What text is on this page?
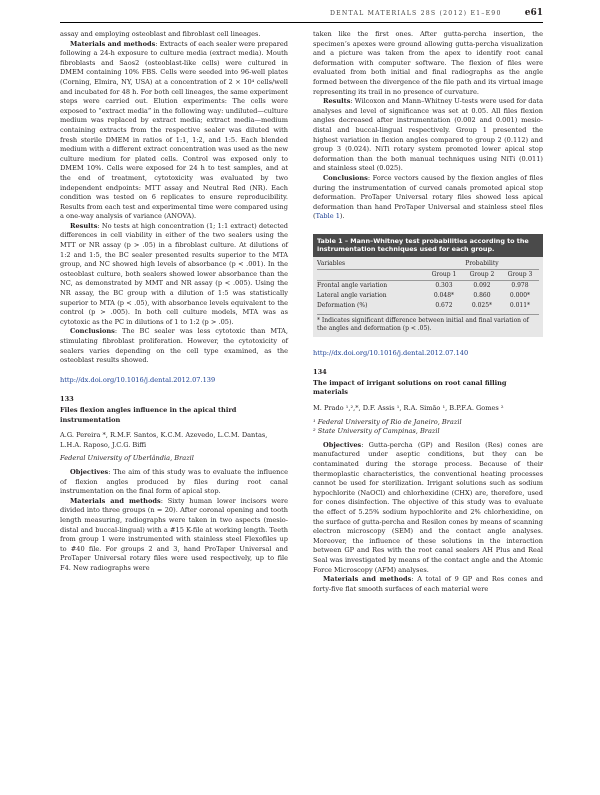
DENTAL MATERIALS 28S (2012) E1–E90	e61

assay and employing osteoblast and fibroblast cell lineages.

Materials and methods: Extracts of each sealer were prepared following a 24-h exposure to culture media (extract media). Mouth fibroblasts and Saos2 (osteoblast-like cells) were cultured in DMEM containing 10% FBS. Cells were seeded into 96-well plates (Corning, Elmira, NY, USA) at a concentration of 2 × 10⁴ cells/well and incubated for 48 h. For both cell lineages, the same experiment steps were carried out. Elution experiments: The cells were exposed to “extract media” in the following way: undiluted—culture medium was replaced by extract media; extract media—medium containing extracts from the respective sealer was diluted with fresh sterile DMEM in ratios of 1:1, 1:2, and 1:5. Each blended medium with a different extract concentration was used as the new culture medium for plated cells. Control was exposed only to DMEM 10%. Cells were exposed for 24 h to test samples, and at the end of treatment, cytotoxicity was evaluated by two independent endpoints: MTT assay and Neutral Red (NR). Each condition was tested on 6 replicates to ensure reproducibility. Results from each test and experimental time were compared using a one-way analysis of variance (ANOVA).

Results: No tests at high concentration (1; 1:1 extract) detected differences in cell viability in either of the two sealers using the MTT or NR assay (p > .05) in a fibroblast culture. At dilutions of 1:2 and 1:5, the BC sealer presented results superior to the MTA group, and NC showed high levels of absorbance (p < .001). In the osteoblast culture, both sealers showed lower absorbance than the NC, as demonstrated by MMT and NR assay (p < .005). Using the NR assay, the BC group with a dilution of 1:5 was statistically superior to MTA (p < .05), with absorbance levels equivalent to the control (p > .005). In both cell culture models, MTA was as cytotoxic as the PC in dilutions of 1 to 1:2 (p > .05).

Conclusions: The BC sealer was less cytotoxic than MTA, stimulating fibroblast proliferation. However, the cytotoxicity of sealers varies depending on the cell type examined, as the osteoblast results showed.

http://dx.doi.org/10.1016/j.dental.2012.07.139
133
Files flexion angles influence in the apical third instrumentation
A.G. Pereira *, R.M.F. Santos, K.C.M. Azevedo, L.C.M. Dantas, L.H.A. Raposo, J.C.G. Biffi
Federal University of Uberlândia, Brazil

Objectives: The aim of this study was to evaluate the influence of flexion angles produced by files during root canal instrumentation on the final form of apical stop.

Materials and methods: Sixty human lower incisors were divided into three groups (n = 20). After coronal opening and tooth length measuring, radiographs were taken in two aspects (mesio-distal and buccal-lingual) with a #15 K-file at working length. Teeth from group 1 were instrumented with stainless steel Flexofiles up to #40 file. For groups 2 and 3, hand ProTaper Universal and ProTaper Universal rotary files were used respectively, up to file F4. New radiographs were

taken like the first ones. After gutta-percha insertion, the specimen’s apexes were ground allowing gutta-percha visualization and a picture was taken from the apex to identify root canal deformation with computer software. The flexion of files were evaluated from both initial and final radiographs as the angle formed between the divergence of the file path and its virtual image representing its trail in no presence of curvature.

Results: Wilcoxon and Mann–Whitney U-tests were used for data analyses and level of significance was set at 0.05. All files flexion angles decreased after instrumentation (0.002 and 0.001) mesio-distal and buccal-lingual respectively. Group 1 presented the highest variation in flexion angles compared to group 2 (0.112) and group 3 (0.024). NiTi rotary system promoted lower apical stop deformation than the both manual techniques using NiTi (0.011) and stainless steel (0.025).

Conclusions: Force vectors caused by the flexion angles of files during the instrumentation of curved canals promoted apical stop deformation. ProTaper Universal rotary files showed less apical deformation than hand ProTaper Universal and stainless steel files (Table 1).

Table 1 – Mann–Whitney test probabilities according to the instrumentation techniques used for each group.
Variables	Probability		
	Group 1	Group 2	Group 3
Frontal angle variation	0.303	0.092	0.978
Lateral angle variation	0.048*	0.860	0.000*
Deformation (%)	0.672	0.025*	0.011*
* Indicates significant difference between initial and final variation of the angles and deformation (p < .05).
http://dx.doi.org/10.1016/j.dental.2012.07.140
134
The impact of irrigant solutions on root canal filling materials
M. Prado ¹,²,*, D.F. Assis ¹, R.A. Simão ¹, B.P.F.A. Gomes ²
¹ Federal University of Rio de Janeiro, Brazil
² State University of Campinas, Brazil

Objectives: Gutta-percha (GP) and Resilon (Res) cones are manufactured under aseptic conditions, but they can be contaminated during the storage process. Because of their thermoplastic characteristics, the conventional heating processes cannot be used for sterilization. Irrigant solutions such as sodium hypochlorite (NaOCl) and chlorhexidine (CHX) are, therefore, used for cones disinfection. The objective of this study was to evaluate the effect of 5.25% sodium hypochlorite and 2% chlorhexidine, on the surface of gutta-percha and Resilon cones by means of scanning electron microscopy (SEM) and the contact angle analyses. Moreover, the influence of these solutions in the interaction between GP and Res with the root canal sealers AH Plus and Real Seal was investigated by means of the contact angle and the Atomic Force Microscopy (AFM) analyses.

Materials and methods: A total of 9 GP and Res cones and forty-five flat smooth surfaces of each material were
